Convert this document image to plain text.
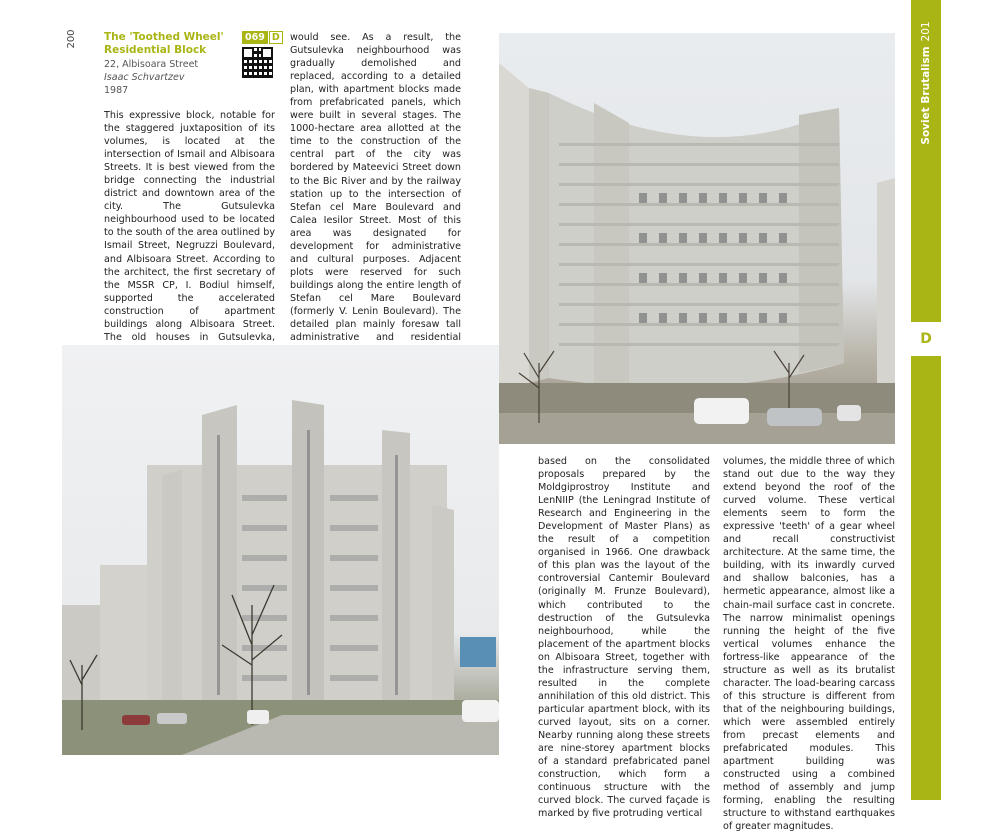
200	The 'Toothed Wheel'
Residential Block
22, Albisoara Street
Isaac Schvartzev
1987
069 D
This expressive block, notable for the staggered juxtaposition of its volumes, is located at the intersection of Ismail and Albisoara Streets. It is best viewed from the bridge connecting the industrial district and downtown area of the city. The Gutsulevka neighbourhood used to be located to the south of the area outlined by Ismail Street, Negruzzi Boulevard, and Albisoara Street. According to the architect, the first secretary of the MSSR CP, I. Bodiul himself, supported the accelerated construction of apartment buildings along Albisoara Street. The old houses in Gutsulevka,
would see. As a result, the Gutsulevka neighbourhood was gradually demolished and replaced, according to a detailed plan, with apartment blocks made from prefabricated panels, which were built in several stages. The 1000-hectare area allotted at the time to the construction of the central part of the city was bordered by Mateevici Street down to the Bic River and by the railway station up to the intersection of Stefan cel Mare Boulevard and Calea Iesilor Street. Most of this area was designated for development for administrative and cultural purposes. Adjacent plots were reserved for such buildings along the entire length of Stefan cel Mare Boulevard (formerly V. Lenin Boulevard). The detailed plan mainly foresaw tall administrative and residential
based on the consolidated proposals prepared by the Moldgiprostroy Institute and LenNIIP (the Leningrad Institute of Research and Engineering in the Development of Master Plans) as the result of a competition organised in 1966. One drawback of this plan was the layout of the controversial Cantemir Boulevard (originally M. Frunze Boulevard), which contributed to the destruction of the Gutsulevka neighbourhood, while the placement of the apartment blocks on Albisoara Street, together with the infrastructure serving them, resulted in the complete annihilation of this old district. This particular apartment block, with its curved layout, sits on a corner. Nearby running along these streets are nine-storey apartment blocks of a standard prefabricated panel construction, which form a continuous structure with the curved block. The curved façade is marked by five protruding vertical
volumes, the middle three of which stand out due to the way they extend beyond the roof of the curved volume. These vertical elements seem to form the expressive 'teeth' of a gear wheel and recall constructivist architecture. At the same time, the building, with its inwardly curved and shallow balconies, has a hermetic appearance, almost like a chain-mail surface cast in concrete. The narrow minimalist openings running the height of the five vertical volumes enhance the fortress-like appearance of the structure as well as its brutalist character. The load-bearing carcass of this structure is different from that of the neighbouring buildings, which were assembled entirely from precast elements and prefabricated modules. This apartment building was constructed using a combined method of assembly and jump forming, enabling the resulting structure to withstand earthquakes of greater magnitudes.
Soviet Brutalism201
D
